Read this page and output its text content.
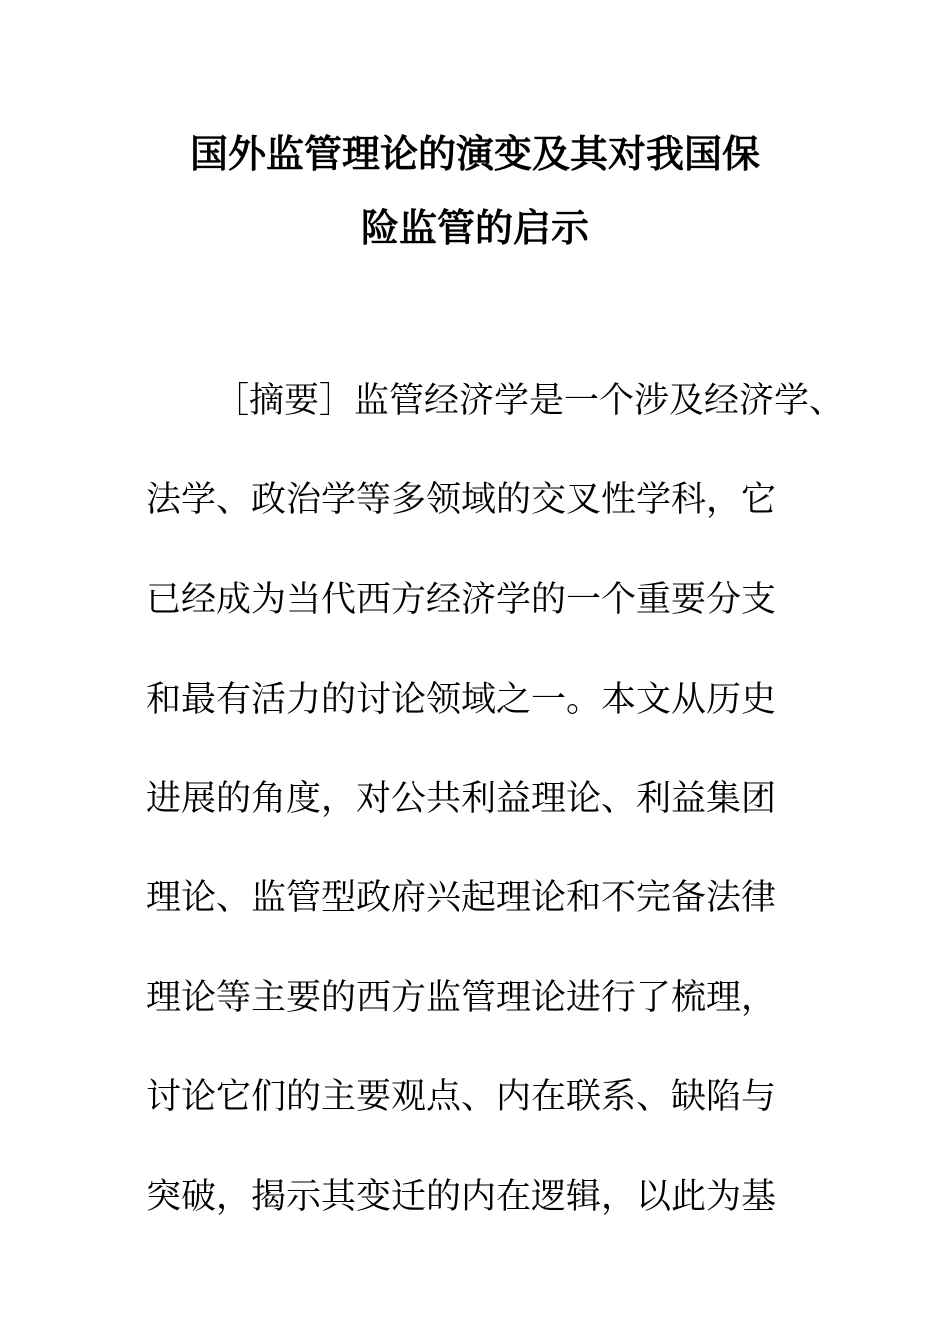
国外监管理论的演变及其对我国保
险监管的启示
［摘要］监管经济学是一个涉及经济学、
法学、政治学等多领域的交叉性学科，它
已经成为当代西方经济学的一个重要分支
和最有活力的讨论领域之一。本文从历史
进展的角度，对公共利益理论、利益集团
理论、监管型政府兴起理论和不完备法律
理论等主要的西方监管理论进行了梳理，
讨论它们的主要观点、内在联系、缺陷与
突破，揭示其变迁的内在逻辑，以此为基
